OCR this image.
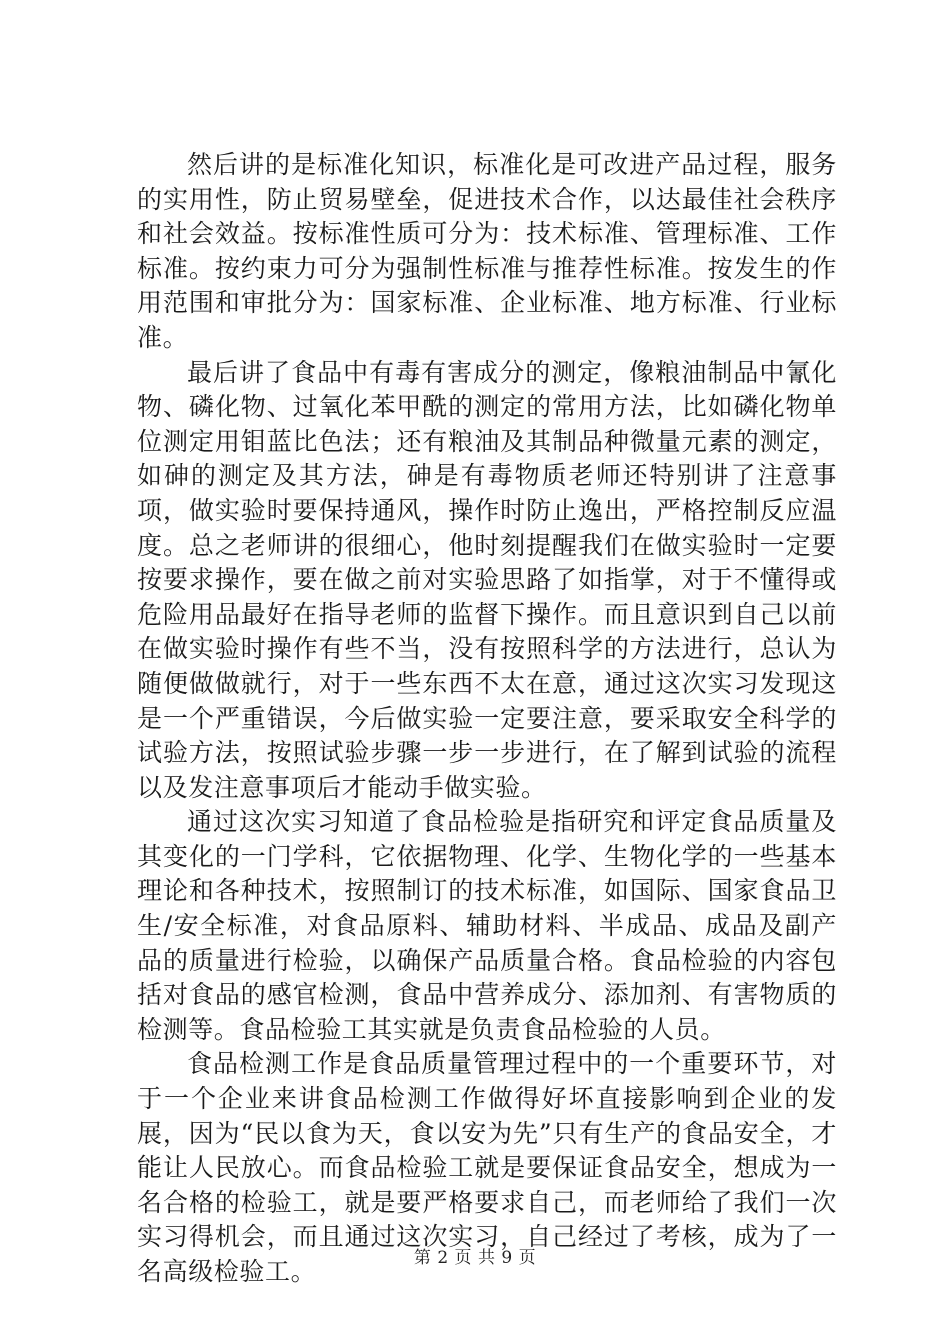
然后讲的是标准化知识，标准化是可改进产品过程，服务的实用性，防止贸易壁垒，促进技术合作，以达最佳社会秩序和社会效益。按标准性质可分为：技术标准、管理标准、工作标准。按约束力可分为强制性标准与推荐性标准。按发生的作用范围和审批分为：国家标准、企业标准、地方标准、行业标准。

最后讲了食品中有毒有害成分的测定，像粮油制品中氰化物、磷化物、过氧化苯甲酰的测定的常用方法，比如磷化物单位测定用钼蓝比色法；还有粮油及其制品种微量元素的测定，如砷的测定及其方法，砷是有毒物质老师还特别讲了注意事项，做实验时要保持通风，操作时防止逸出，严格控制反应温度。总之老师讲的很细心，他时刻提醒我们在做实验时一定要按要求操作，要在做之前对实验思路了如指掌，对于不懂得或危险用品最好在指导老师的监督下操作。而且意识到自己以前在做实验时操作有些不当，没有按照科学的方法进行，总认为随便做做就行，对于一些东西不太在意，通过这次实习发现这是一个严重错误，今后做实验一定要注意，要采取安全科学的试验方法，按照试验步骤一步一步进行，在了解到试验的流程以及发注意事项后才能动手做实验。

通过这次实习知道了食品检验是指研究和评定食品质量及其变化的一门学科，它依据物理、化学、生物化学的一些基本理论和各种技术，按照制订的技术标准，如国际、国家食品卫生/安全标准，对食品原料、辅助材料、半成品、成品及副产品的质量进行检验，以确保产品质量合格。食品检验的内容包括对食品的感官检测，食品中营养成分、添加剂、有害物质的检测等。食品检验工其实就是负责食品检验的人员。

食品检测工作是食品质量管理过程中的一个重要环节，对于一个企业来讲食品检测工作做得好坏直接影响到企业的发展，因为“民以食为天，食以安为先”只有生产的食品安全，才能让人民放心。而食品检验工就是要保证食品安全，想成为一名合格的检验工，就是要严格要求自己，而老师给了我们一次实习得机会，而且通过这次实习，自己经过了考核，成为了一名高级检验工。	第 2 页 共 9 页
